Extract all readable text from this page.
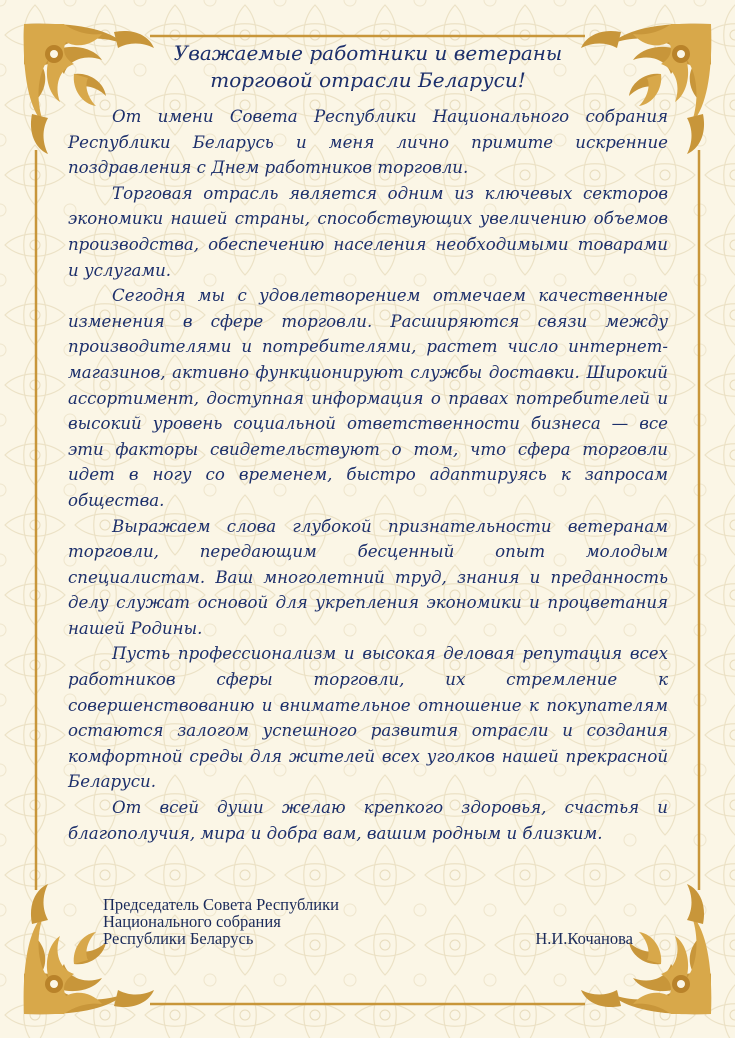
Уважаемые работники и ветераны
торговой отрасли Беларуси!

От имени Совета Республики Национального собрания Республики Беларусь и меня лично примите искренние поздравления с Днем работников торговли.

Торговая отрасль является одним из ключевых секторов экономики нашей страны, способствующих увеличению объемов производства, обеспечению населения необходимыми товарами и услугами.

Сегодня мы с удовлетворением отмечаем качественные изменения в сфере торговли. Расширяются связи между производителями и потребителями, растет число интернет-магазинов, активно функционируют службы доставки. Широкий ассортимент, доступная информация о правах потребителей и высокий уровень социальной ответственности бизнеса — все эти факторы свидетельствуют о том, что сфера торговли идет в ногу со временем, быстро адаптируясь к запросам общества.

Выражаем слова глубокой признательности ветеранам торговли, передающим бесценный опыт молодым специалистам. Ваш многолетний труд, знания и преданность делу служат основой для укрепления экономики и процветания нашей Родины.

Пусть профессионализм и высокая деловая репутация всех работников сферы торговли, их стремление к совершенствованию и внимательное отношение к покупателям остаются залогом успешного развития отрасли и создания комфортной среды для жителей всех уголков нашей прекрасной Беларуси.

От всей души желаю крепкого здоровья, счастья и благополучия, мира и добра вам, вашим родным и близким.

Председатель Совета Республики
Национального собрания
Республики Беларусь	Н.И.Кочанова
